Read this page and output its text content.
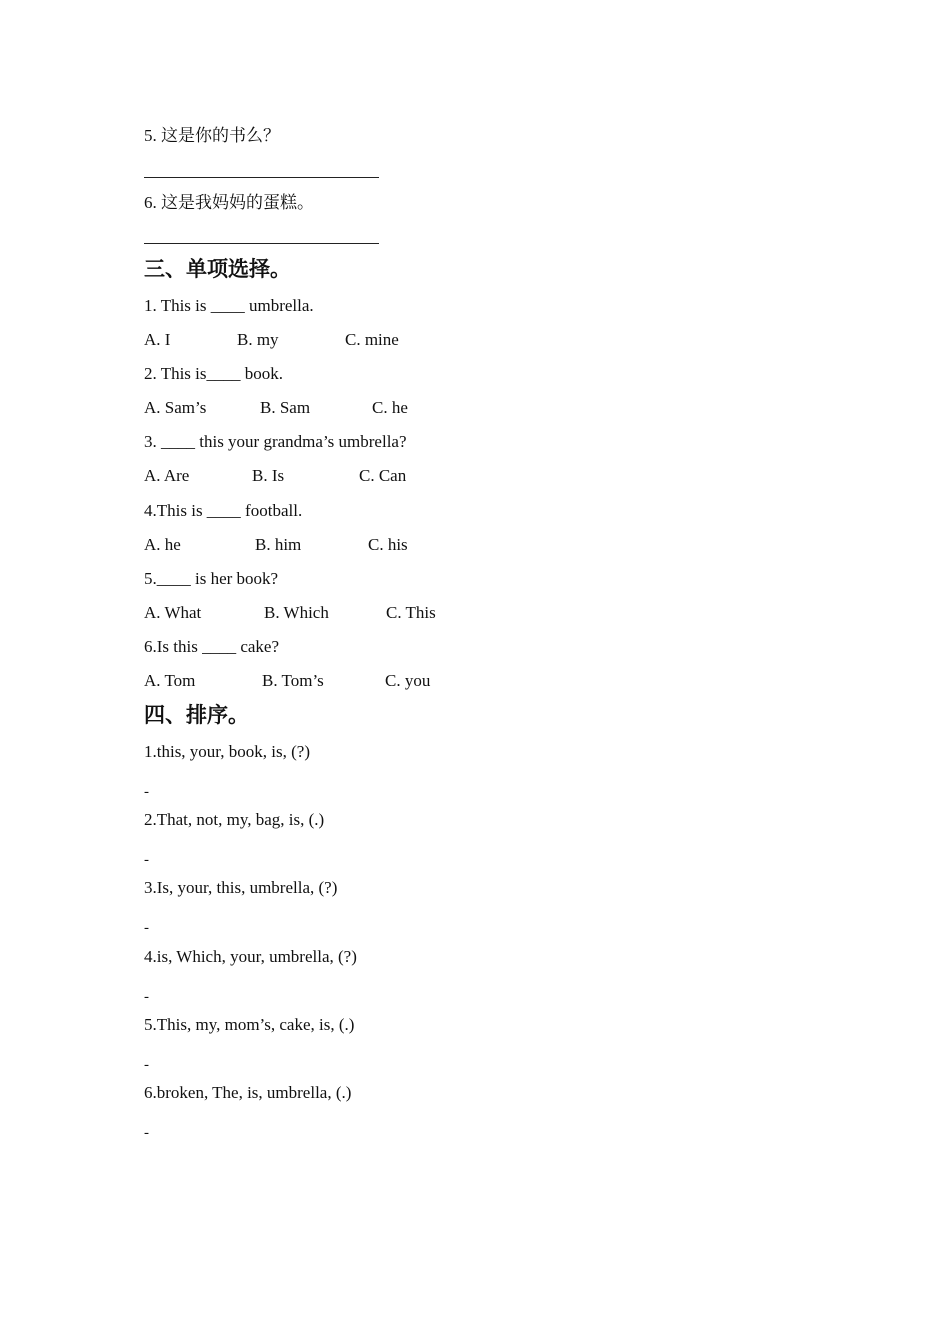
5. 这是你的书么？
6. 这是我妈妈的蛋糕。
三、单项选择。
1. This is ____ umbrella.
A. I	B. my	C. mine
2. This is____ book.
A. Sam’s	B. Sam	C. he
3. ____ this your grandma’s umbrella?
A. Are	B. Is	C. Can
4.This is ____ football.
A. he	B. him	C. his
5.____ is her book?
A. What	B. Which	C. This
6.Is this ____ cake?
A. Tom	B. Tom’s	C. you
四、排序。
1.this, your, book, is, (?)
-
2.That, not, my, bag, is, (.)
-
3.Is, your, this, umbrella, (?)
-
4.is, Which, your, umbrella, (?)
-
5.This, my, mom’s, cake, is, (.)
-
6.broken, The, is, umbrella, (.)
-
